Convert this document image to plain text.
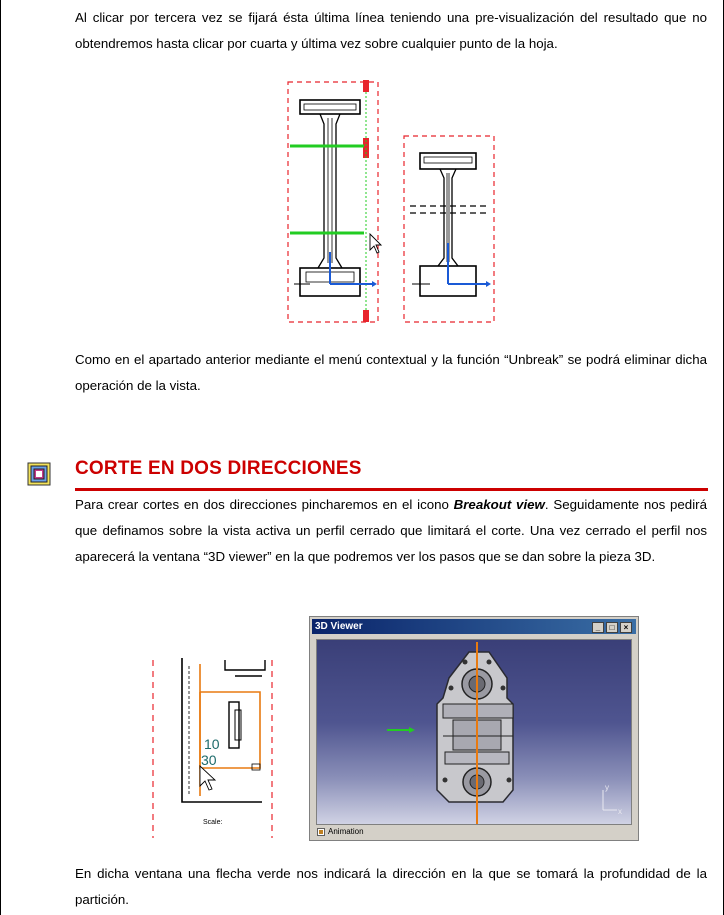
Al clicar por tercera vez se fijará ésta última línea teniendo una pre-visualización del resultado que no obtendremos hasta clicar por cuarta y última vez sobre cualquier punto de la hoja.

Como en el apartado anterior mediante el menú contextual y la función “Unbreak” se podrá eliminar dicha operación de la vista.

CORTE EN DOS DIRECCIONES

Para crear cortes en dos direcciones pincharemos en el icono Breakout view. Seguidamente nos pedirá que definamos sobre la vista activa un perfil cerrado que limitará el corte. Una vez cerrado el perfil nos aparecerá la ventana “3D viewer” en la que podremos ver los pasos que se dan sobre la pieza 3D.

10
30
Scale:
3D Viewer	_	□	×
y
x
Animation

En dicha ventana una flecha verde nos indicará la dirección en la que se tomará la profundidad de la partición.
